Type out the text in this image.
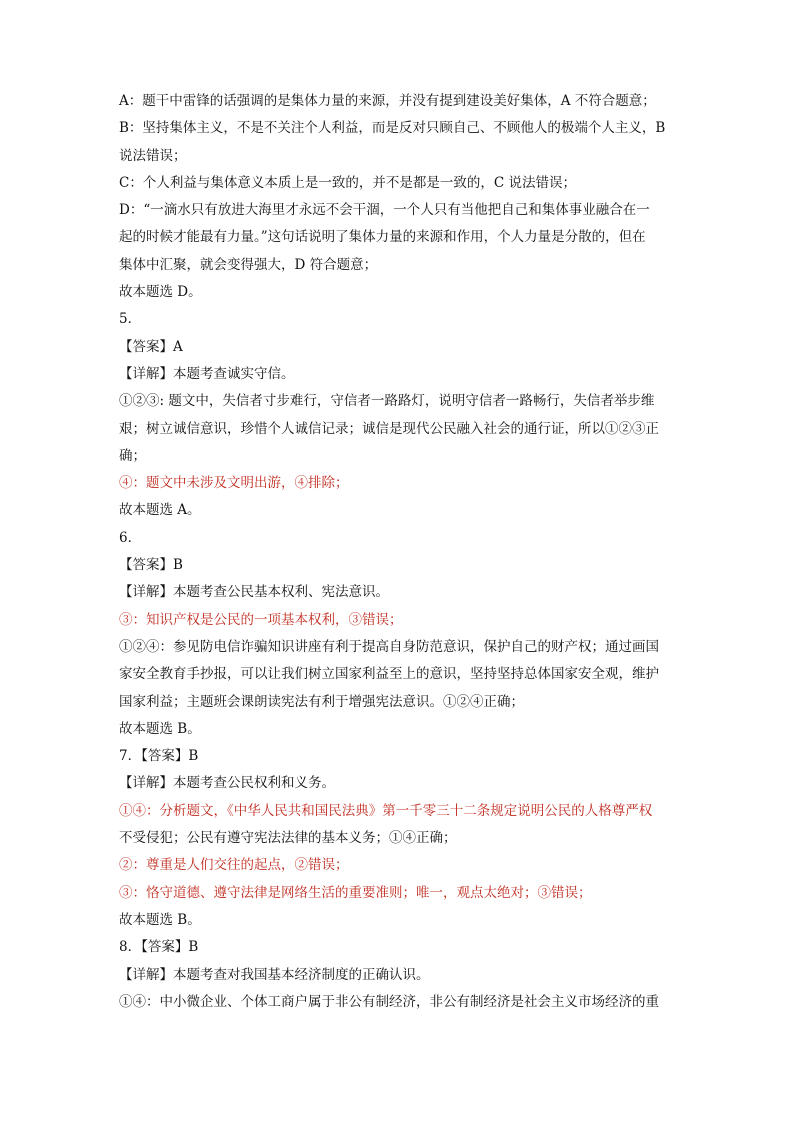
A：题干中雷锋的话强调的是集体力量的来源，并没有提到建设美好集体，A 不符合题意；
B：坚持集体主义，不是不关注个人利益，而是反对只顾自己、不顾他人的极端个人主义，B
说法错误；
C：个人利益与集体意义本质上是一致的，并不是都是一致的，C 说法错误；
D：“一滴水只有放进大海里才永远不会干涸，一个人只有当他把自己和集体事业融合在一
起的时候才能最有力量。”这句话说明了集体力量的来源和作用，个人力量是分散的，但在
集体中汇聚，就会变得强大，D 符合题意；
故本题选 D。
5．
【答案】A
【详解】本题考查诚实守信。
①②③: 题文中，失信者寸步难行，守信者一路路灯，说明守信者一路畅行，失信者举步维
艰；树立诚信意识，珍惜个人诚信记录；诚信是现代公民融入社会的通行证，所以①②③正
确；
④：题文中未涉及文明出游，④排除；
故本题选 A。
6．
【答案】B
【详解】本题考查公民基本权利、宪法意识。
③：知识产权是公民的一项基本权利，③错误；
①②④：参见防电信诈骗知识讲座有利于提高自身防范意识，保护自己的财产权；通过画国
家安全教育手抄报，可以让我们树立国家利益至上的意识，坚持坚持总体国家安全观，维护
国家利益；主题班会课朗读宪法有利于增强宪法意识。①②④正确；
故本题选 B。
7．【答案】B
【详解】本题考查公民权利和义务。
①④：分析题文，《中华人民共和国民法典》第一千零三十二条规定说明公民的人格尊严权
不受侵犯；公民有遵守宪法法律的基本义务；①④正确；
②：尊重是人们交往的起点，②错误；
③：恪守道德、遵守法律是网络生活的重要准则；唯一，观点太绝对；③错误；
故本题选 B。
8．【答案】B
【详解】本题考查对我国基本经济制度的正确认识。
①④：中小微企业、个体工商户属于非公有制经济，非公有制经济是社会主义市场经济的重
